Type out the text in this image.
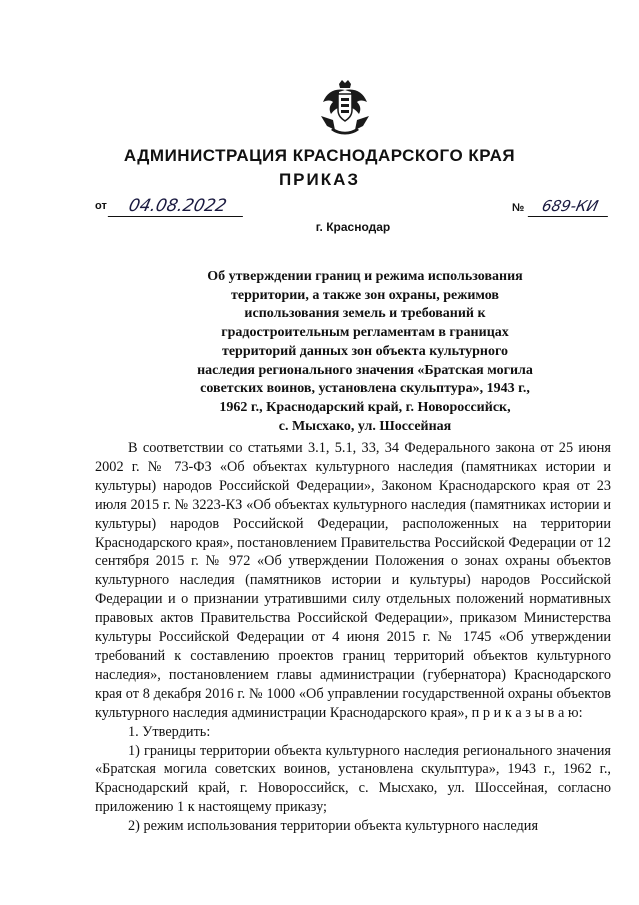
АДМИНИСТРАЦИЯ КРАСНОДАРСКОГО КРАЯ
ПРИКАЗ
от	04.08.2022	№	689-КИ
г. Краснодар
Об утверждении границ и режима использования
территории, а также зон охраны, режимов
использования земель и требований к
градостроительным регламентам в границах
территорий данных зон объекта культурного
наследия регионального значения «Братская могила
советских воинов, установлена скульптура», 1943 г.,
1962 г., Краснодарский край, г. Новороссийск,
с. Мысхако, ул. Шоссейная

В соответствии со статьями 3.1, 5.1, 33, 34 Федерального закона от 25 июня 2002 г. № 73-ФЗ «Об объектах культурного наследия (памятниках истории и культуры) народов Российской Федерации», Законом Краснодарского края от 23 июля 2015 г. № 3223-КЗ «Об объектах культурного наследия (памятниках истории и культуры) народов Российской Федерации, расположенных на территории Краснодарского края», постановлением Правительства Российской Федерации от 12 сентября 2015 г. № 972 «Об утверждении Положения о зонах охраны объектов культурного наследия (памятников истории и культуры) народов Российской Федерации и о признании утратившими силу отдельных положений нормативных правовых актов Правительства Российской Федерации», приказом Министерства культуры Российской Федерации от 4 июня 2015 г. № 1745 «Об утверждении требований к составлению проектов границ территорий объектов культурного наследия», постановлением главы администрации (губернатора) Краснодарского края от 8 декабря 2016 г. № 1000 «Об управлении государственной охраны объектов культурного наследия администрации Краснодарского края», п р и к а з ы в а ю:

1. Утвердить:

1) границы территории объекта культурного наследия регионального значения «Братская могила советских воинов, установлена скульптура», 1943 г., 1962 г., Краснодарский край, г. Новороссийск, с. Мысхако, ул. Шоссейная, согласно приложению 1 к настоящему приказу;

2) режим использования территории объекта культурного наследия
